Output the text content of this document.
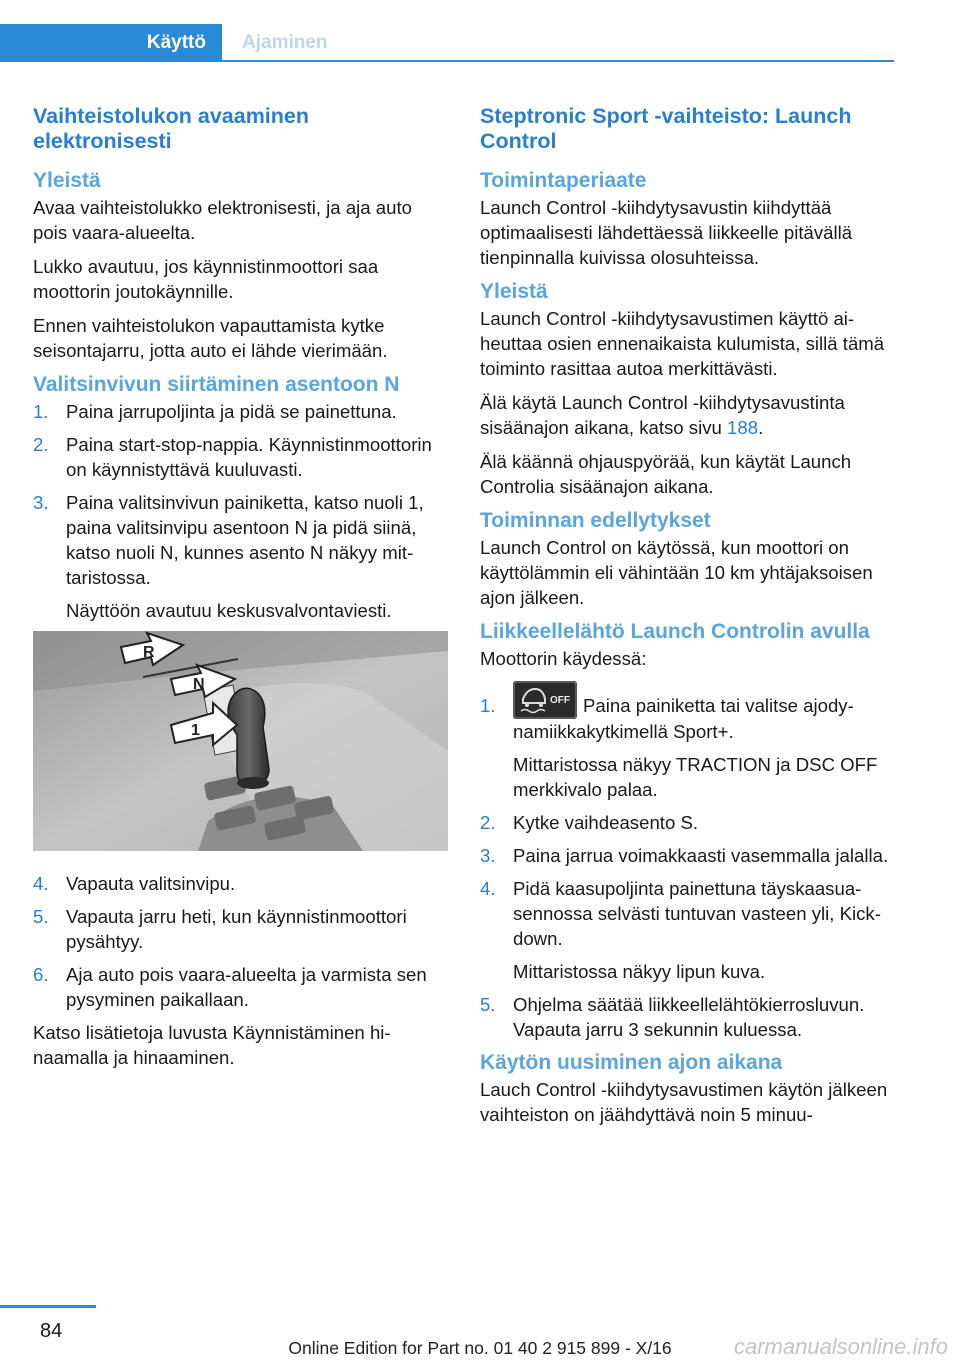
Käyttö	Ajaminen
Vaihteistolukon avaaminen elektronisesti
Yleistä

Avaa vaihteistolukko elektronisesti, ja aja auto pois vaara-alueelta.

Lukko avautuu, jos käynnistinmoottori saa moottorin joutokäynnille.

Ennen vaihteistolukon vapauttamista kytke seisontajarru, jotta auto ei lähde vierimään.

Valitsinvivun siirtäminen asentoon N
1. Paina jarrupoljinta ja pidä se painettuna.
2. Paina start-stop-nappia. Käynnistinmoottorin on käynnistyttävä kuuluvasti.
3. Paina valitsinvivun painiketta, katso nuoli 1, paina valitsinvipu asentoon N ja pidä siinä, katso nuoli N, kunnes asento N näkyy mittaristossa.
Näyttöön avautuu keskusvalvontaviesti.
R
N
1
4. Vapauta valitsinvipu.
5. Vapauta jarru heti, kun käynnistinmoottori pysähtyy.
6. Aja auto pois vaara-alueelta ja varmista sen pysyminen paikallaan.

Katso lisätietoja luvusta Käynnistäminen hinaamalla ja hinaaminen.

Steptronic Sport -vaihteisto: Launch Control
Toimintaperiaate

Launch Control -kiihdytysavustin kiihdyttää optimaalisesti lähdettäessä liikkeelle pitävällä tienpinnalla kuivissa olosuhteissa.

Yleistä

Launch Control -kiihdytysavustimen käyttö aiheuttaa osien ennenaikaista kulumista, sillä tämä toiminto rasittaa autoa merkittävästi.

Älä käytä Launch Control -kiihdytysavustinta sisäänajon aikana, katso sivu 188.

Älä käännä ohjauspyörää, kun käytät Launch Controlia sisäänajon aikana.

Toiminnan edellytykset

Launch Control on käytössä, kun moottori on käyttölämmin eli vähintään 10 km yhtäjaksoisen ajon jälkeen.

Liikkeellelähtö Launch Controlin avulla

Moottorin käydessä:

1.	OFF Paina painiketta tai valitse ajodynamiikkakytkimellä Sport+.
Mittaristossa näkyy TRACTION ja DSC OFF merkkivalo palaa.
2. Kytke vaihdeasento S.
3. Paina jarrua voimakkaasti vasemmalla jalalla.
4. Pidä kaasupoljinta painettuna täyskaasuasennossa selvästi tuntuvan vasteen yli, Kick-down.
Mittaristossa näkyy lipun kuva.
5. Ohjelma säätää liikkeellelähtökierrosluvun. Vapauta jarru 3 sekunnin kuluessa.
Käytön uusiminen ajon aikana

Lauch Control -kiihdytysavustimen käytön jälkeen vaihteiston on jäähdyttävä noin 5 minuu-

84
Online Edition for Part no. 01 40 2 915 899 - X/16	carmanualsonline.info
